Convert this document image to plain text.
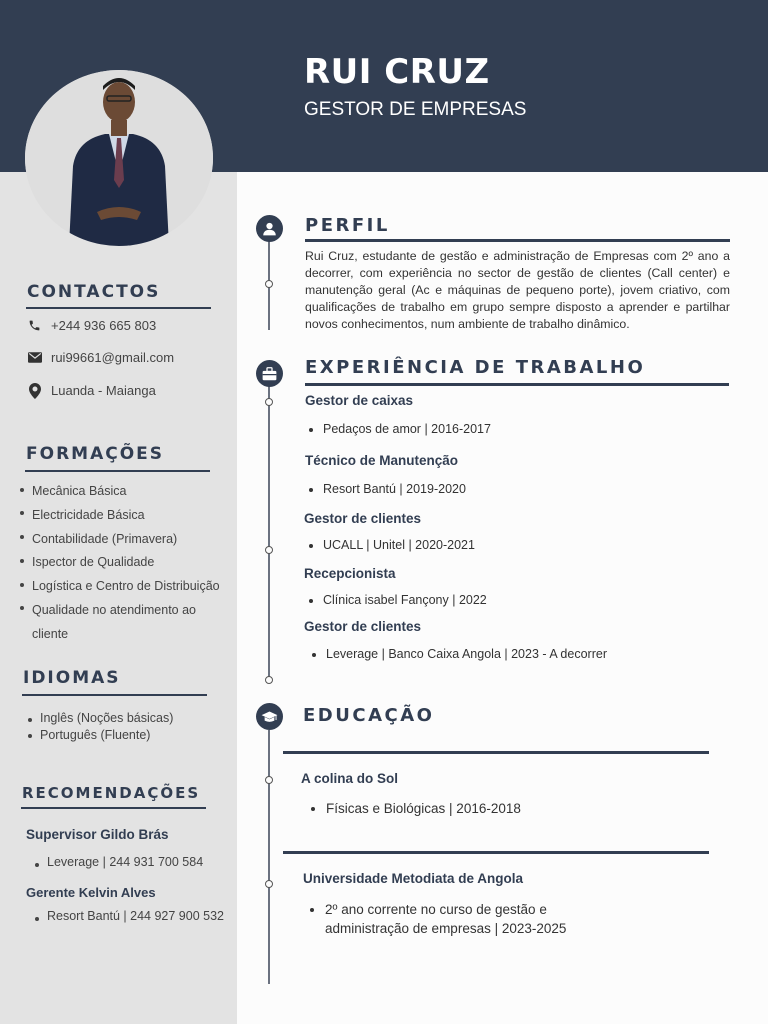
RUI CRUZ
GESTOR DE EMPRESAS
CONTACTOS
+244 936 665 803
rui99661@gmail.com
Luanda - Maianga
FORMAÇÕES
Mecânica Básica
Electricidade Básica
Contabilidade (Primavera)
Ispector de Qualidade
Logística e Centro de Distribuição
Qualidade no atendimento ao cliente
IDIOMAS
Inglês (Noções básicas)
Português (Fluente)
RECOMENDAÇÕES
Supervisor Gildo Brás
Leverage | 244 931 700 584
Gerente Kelvin Alves
Resort Bantú | 244 927 900 532
PERFIL
Rui Cruz, estudante de gestão e administração de Empresas com 2º ano a decorrer, com experiência no sector de gestão de clientes (Call center) e manutenção geral (Ac e máquinas de pequeno porte), jovem criativo, com qualificações de trabalho em grupo sempre disposto a aprender e partilhar novos conhecimentos, num ambiente de trabalho dinâmico.
EXPERIÊNCIA DE TRABALHO
Gestor de caixas
Pedaços de amor | 2016-2017
Técnico de Manutenção
Resort Bantú | 2019-2020
Gestor de clientes
UCALL | Unitel | 2020-2021
Recepcionista
Clínica isabel Fançony | 2022
Gestor de clientes
Leverage | Banco Caixa Angola | 2023 - A decorrer
EDUCAÇÃO
A colina do Sol
Físicas e Biológicas | 2016-2018
Universidade Metodiata de Angola
2º ano corrente no curso de gestão e administração de empresas | 2023-2025
